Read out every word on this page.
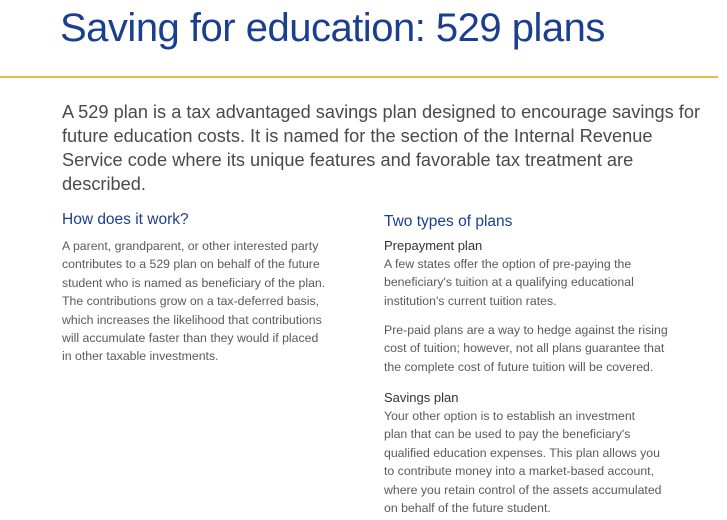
Saving for education: 529 plans

A 529 plan is a tax advantaged savings plan designed to encourage savings for future education costs. It is named for the section of the Internal Revenue Service code where its unique features and favorable tax treatment are described.

How does it work?

A parent, grandparent, or other interested party
contributes to a 529 plan on behalf of the future
student who is named as beneficiary of the plan.
The contributions grow on a tax-deferred basis,
which increases the likelihood that contributions
will accumulate faster than they would if placed
in other taxable investments.

Two types of plans
Prepayment plan

A few states offer the option of pre-paying the
beneficiary's tuition at a qualifying educational
institution's current tuition rates.

Pre-paid plans are a way to hedge against the rising
cost of tuition; however, not all plans guarantee that
the complete cost of future tuition will be covered.

Savings plan

Your other option is to establish an investment
plan that can be used to pay the beneficiary's
qualified education expenses. This plan allows you
to contribute money into a market-based account,
where you retain control of the assets accumulated
on behalf of the future student.
